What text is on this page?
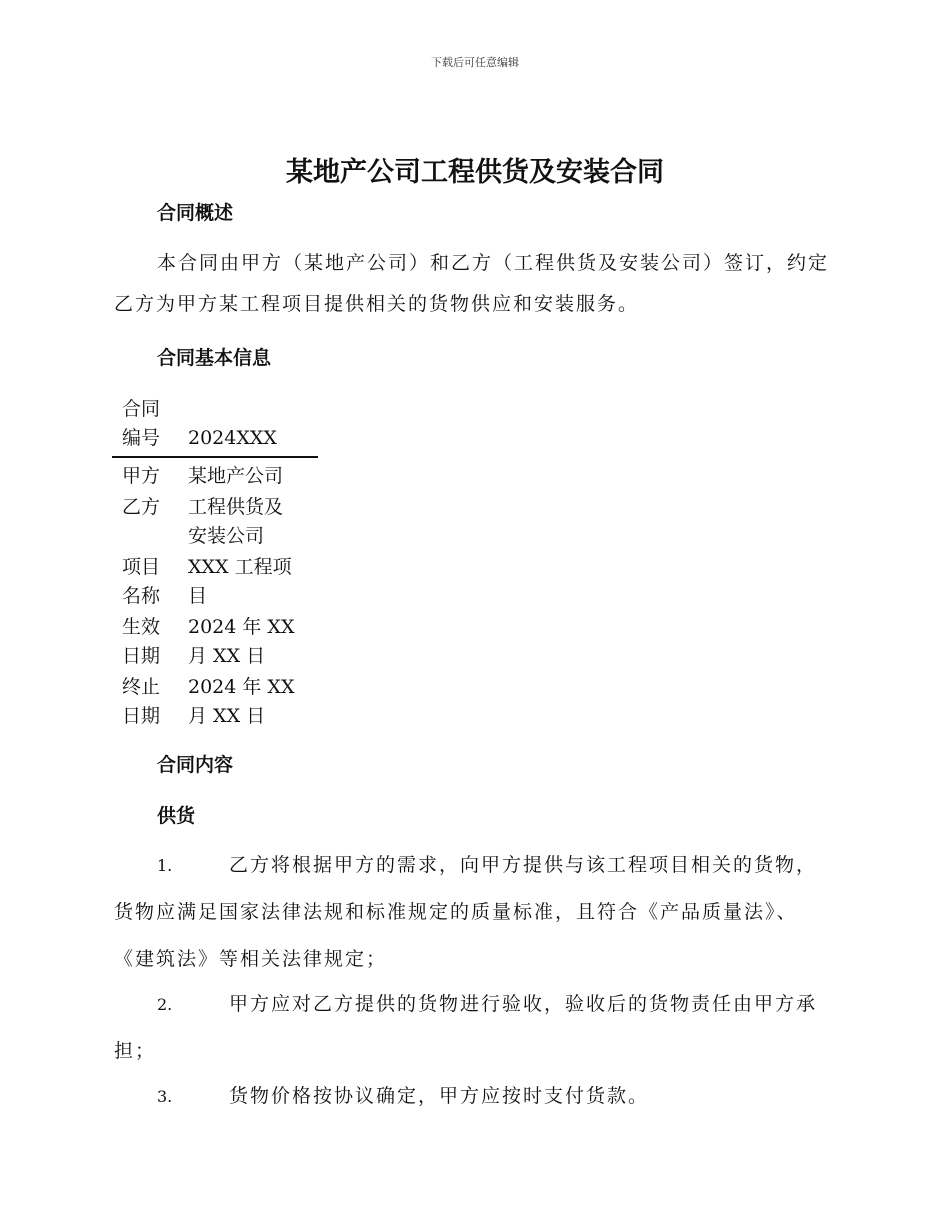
下载后可任意编辑
某地产公司工程供货及安装合同
合同概述
本合同由甲方（某地产公司）和乙方（工程供货及安装公司）签订，约定乙方为甲方某工程项目提供相关的货物供应和安装服务。
合同基本信息
合同
编号	2024XXX

甲方	某地产公司

乙方	工程供货及
安装公司

项目
名称	XXX 工程项
目

生效
日期	2024 年 XX
月 XX 日

终止
日期	2024 年 XX
月 XX 日
合同内容
供货
1.	乙方将根据甲方的需求，向甲方提供与该工程项目相关的货物，
货物应满足国家法律法规和标准规定的质量标准，且符合《产品质量法》、
《建筑法》等相关法律规定；
2.	甲方应对乙方提供的货物进行验收，验收后的货物责任由甲方承
担；
3.	货物价格按协议确定，甲方应按时支付货款。
